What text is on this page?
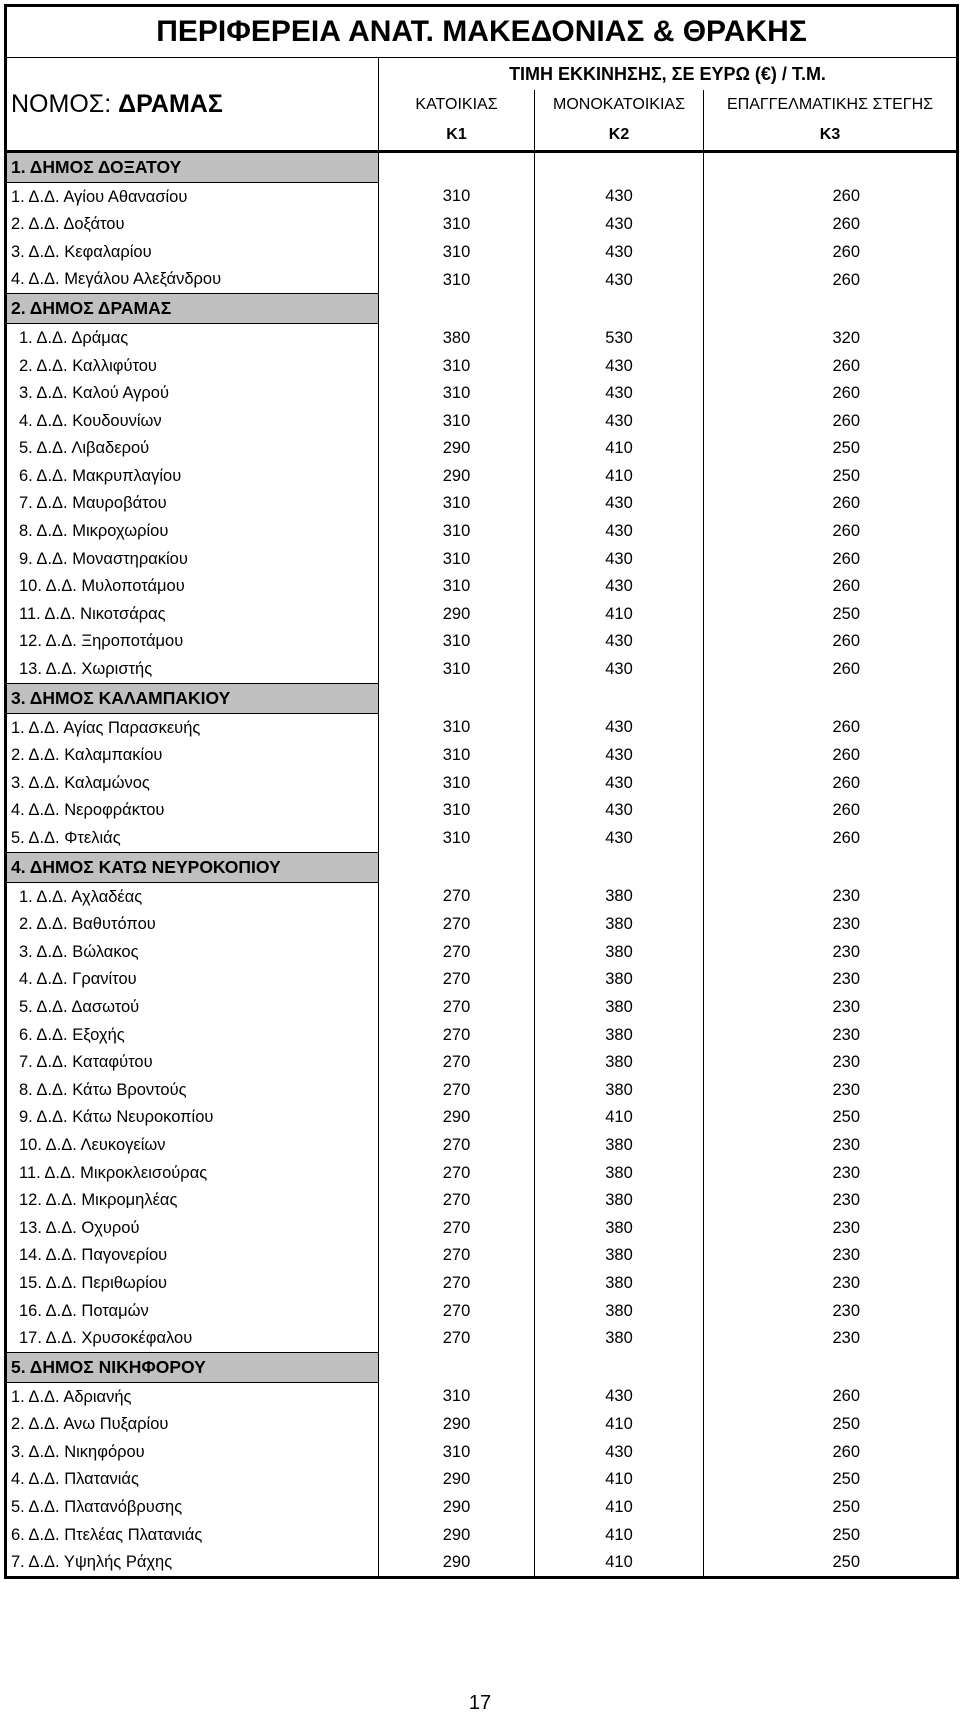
ΠΕΡΙΦΕΡΕΙΑ ΑΝΑΤ. ΜΑΚΕΔΟΝΙΑΣ & ΘΡΑΚΗΣ			
ΝΟΜΟΣ: ΔΡΑΜΑΣ	ΤΙΜΗ ΕΚΚΙΝΗΣΗΣ, ΣΕ ΕΥΡΩ (€) / Τ.Μ.		
	ΚΑΤΟΙΚΙΑΣ	ΜΟΝΟΚΑΤΟΙΚΙΑΣ	ΕΠΑΓΓΕΛΜΑΤΙΚΗΣ ΣΤΕΓΗΣ
	Κ1	Κ2	Κ3
1. ΔΗΜΟΣ ΔΟΞΑΤΟΥ			
1. Δ.Δ. Αγίου Αθανασίου	310	430	260
2. Δ.Δ. Δοξάτου	310	430	260
3. Δ.Δ. Κεφαλαρίου	310	430	260
4. Δ.Δ. Μεγάλου Αλεξάνδρου	310	430	260
2. ΔΗΜΟΣ ΔΡΑΜΑΣ			
1. Δ.Δ. Δράμας	380	530	320
2. Δ.Δ. Καλλιφύτου	310	430	260
3. Δ.Δ. Καλού Αγρού	310	430	260
4. Δ.Δ. Κουδουνίων	310	430	260
5. Δ.Δ. Λιβαδερού	290	410	250
6. Δ.Δ. Μακρυπλαγίου	290	410	250
7. Δ.Δ. Μαυροβάτου	310	430	260
8. Δ.Δ. Μικροχωρίου	310	430	260
9. Δ.Δ. Μοναστηρακίου	310	430	260
10. Δ.Δ. Μυλοποτάμου	310	430	260
11. Δ.Δ. Νικοτσάρας	290	410	250
12. Δ.Δ. Ξηροποτάμου	310	430	260
13. Δ.Δ. Χωριστής	310	430	260
3. ΔΗΜΟΣ ΚΑΛΑΜΠΑΚΙΟΥ			
1. Δ.Δ. Αγίας Παρασκευής	310	430	260
2. Δ.Δ. Καλαμπακίου	310	430	260
3. Δ.Δ. Καλαμώνος	310	430	260
4. Δ.Δ. Νεροφράκτου	310	430	260
5. Δ.Δ. Φτελιάς	310	430	260
4. ΔΗΜΟΣ ΚΑΤΩ ΝΕΥΡΟΚΟΠΙΟΥ			
1. Δ.Δ. Αχλαδέας	270	380	230
2. Δ.Δ. Βαθυτόπου	270	380	230
3. Δ.Δ. Βώλακος	270	380	230
4. Δ.Δ. Γρανίτου	270	380	230
5. Δ.Δ. Δασωτού	270	380	230
6. Δ.Δ. Εξοχής	270	380	230
7. Δ.Δ. Καταφύτου	270	380	230
8. Δ.Δ. Κάτω Βροντούς	270	380	230
9. Δ.Δ. Κάτω Νευροκοπίου	290	410	250
10. Δ.Δ. Λευκογείων	270	380	230
11. Δ.Δ. Μικροκλεισούρας	270	380	230
12. Δ.Δ. Μικρομηλέας	270	380	230
13. Δ.Δ. Οχυρού	270	380	230
14. Δ.Δ. Παγονερίου	270	380	230
15. Δ.Δ. Περιθωρίου	270	380	230
16. Δ.Δ. Ποταμών	270	380	230
17. Δ.Δ. Χρυσοκέφαλου	270	380	230
5. ΔΗΜΟΣ ΝΙΚΗΦΟΡΟΥ			
1. Δ.Δ. Αδριανής	310	430	260
2. Δ.Δ. Ανω Πυξαρίου	290	410	250
3. Δ.Δ. Νικηφόρου	310	430	260
4. Δ.Δ. Πλατανιάς	290	410	250
5. Δ.Δ. Πλατανόβρυσης	290	410	250
6. Δ.Δ. Πτελέας Πλατανιάς	290	410	250
7. Δ.Δ. Υψηλής Ράχης	290	410	250
17
